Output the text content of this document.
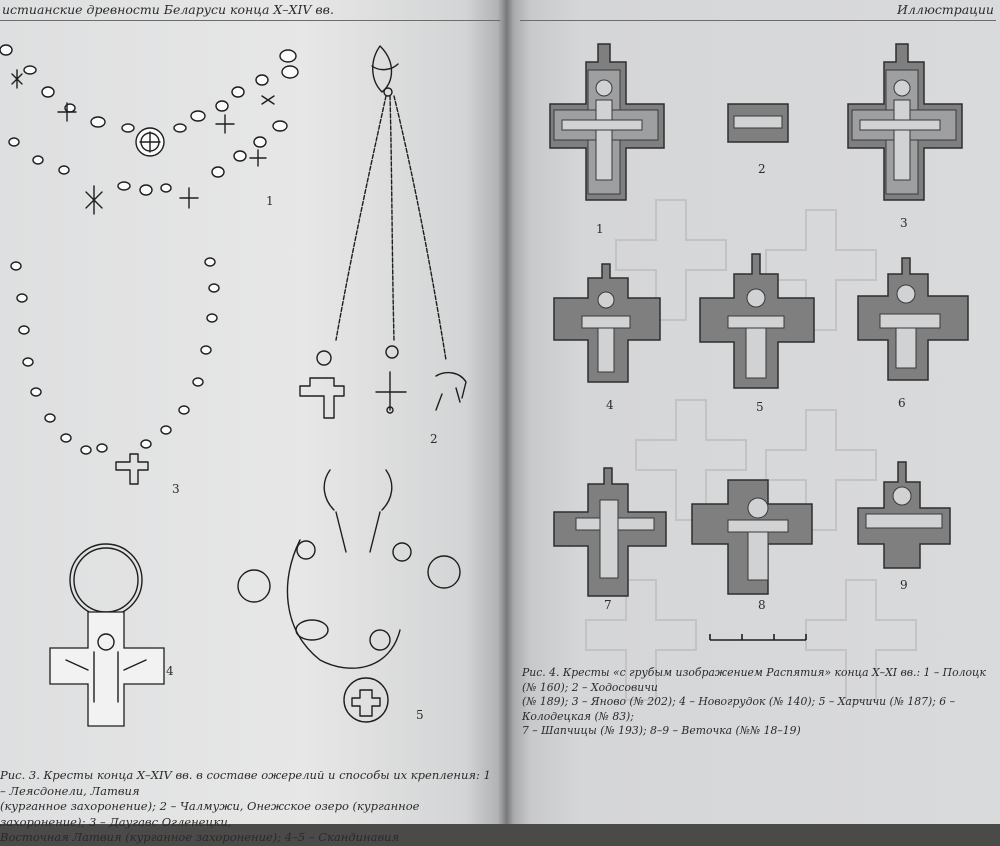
истианские древности Беларуси конца X–XIV вв.
1
2
3
4
5
Рис. 3. Кресты конца X–XIV вв. в составе ожерелий и способы их крепления: 1 – Леясдонели, Латвия
(курганное захоронение); 2 – Чалмужи, Онежское озеро (курганное захоронение); 3 – Даугавс Огленецки,
Восточная Латвия (курганное захоронение); 4–5 – Скандинавия
Иллюстрации
1
2
3
4	5	6
7	8
9
Рис. 4. Кресты «с грубым изображением Распятия» конца X–XI вв.: 1 – Полоцк (№ 160); 2 – Ходосовичи
(№ 189); 3 – Яново (№ 202); 4 – Новогрудок (№ 140); 5 – Харчичи (№ 187); 6 – Колодецкая (№ 83);
7 – Шапчицы (№ 193); 8–9 – Веточка (№№ 18–19)
